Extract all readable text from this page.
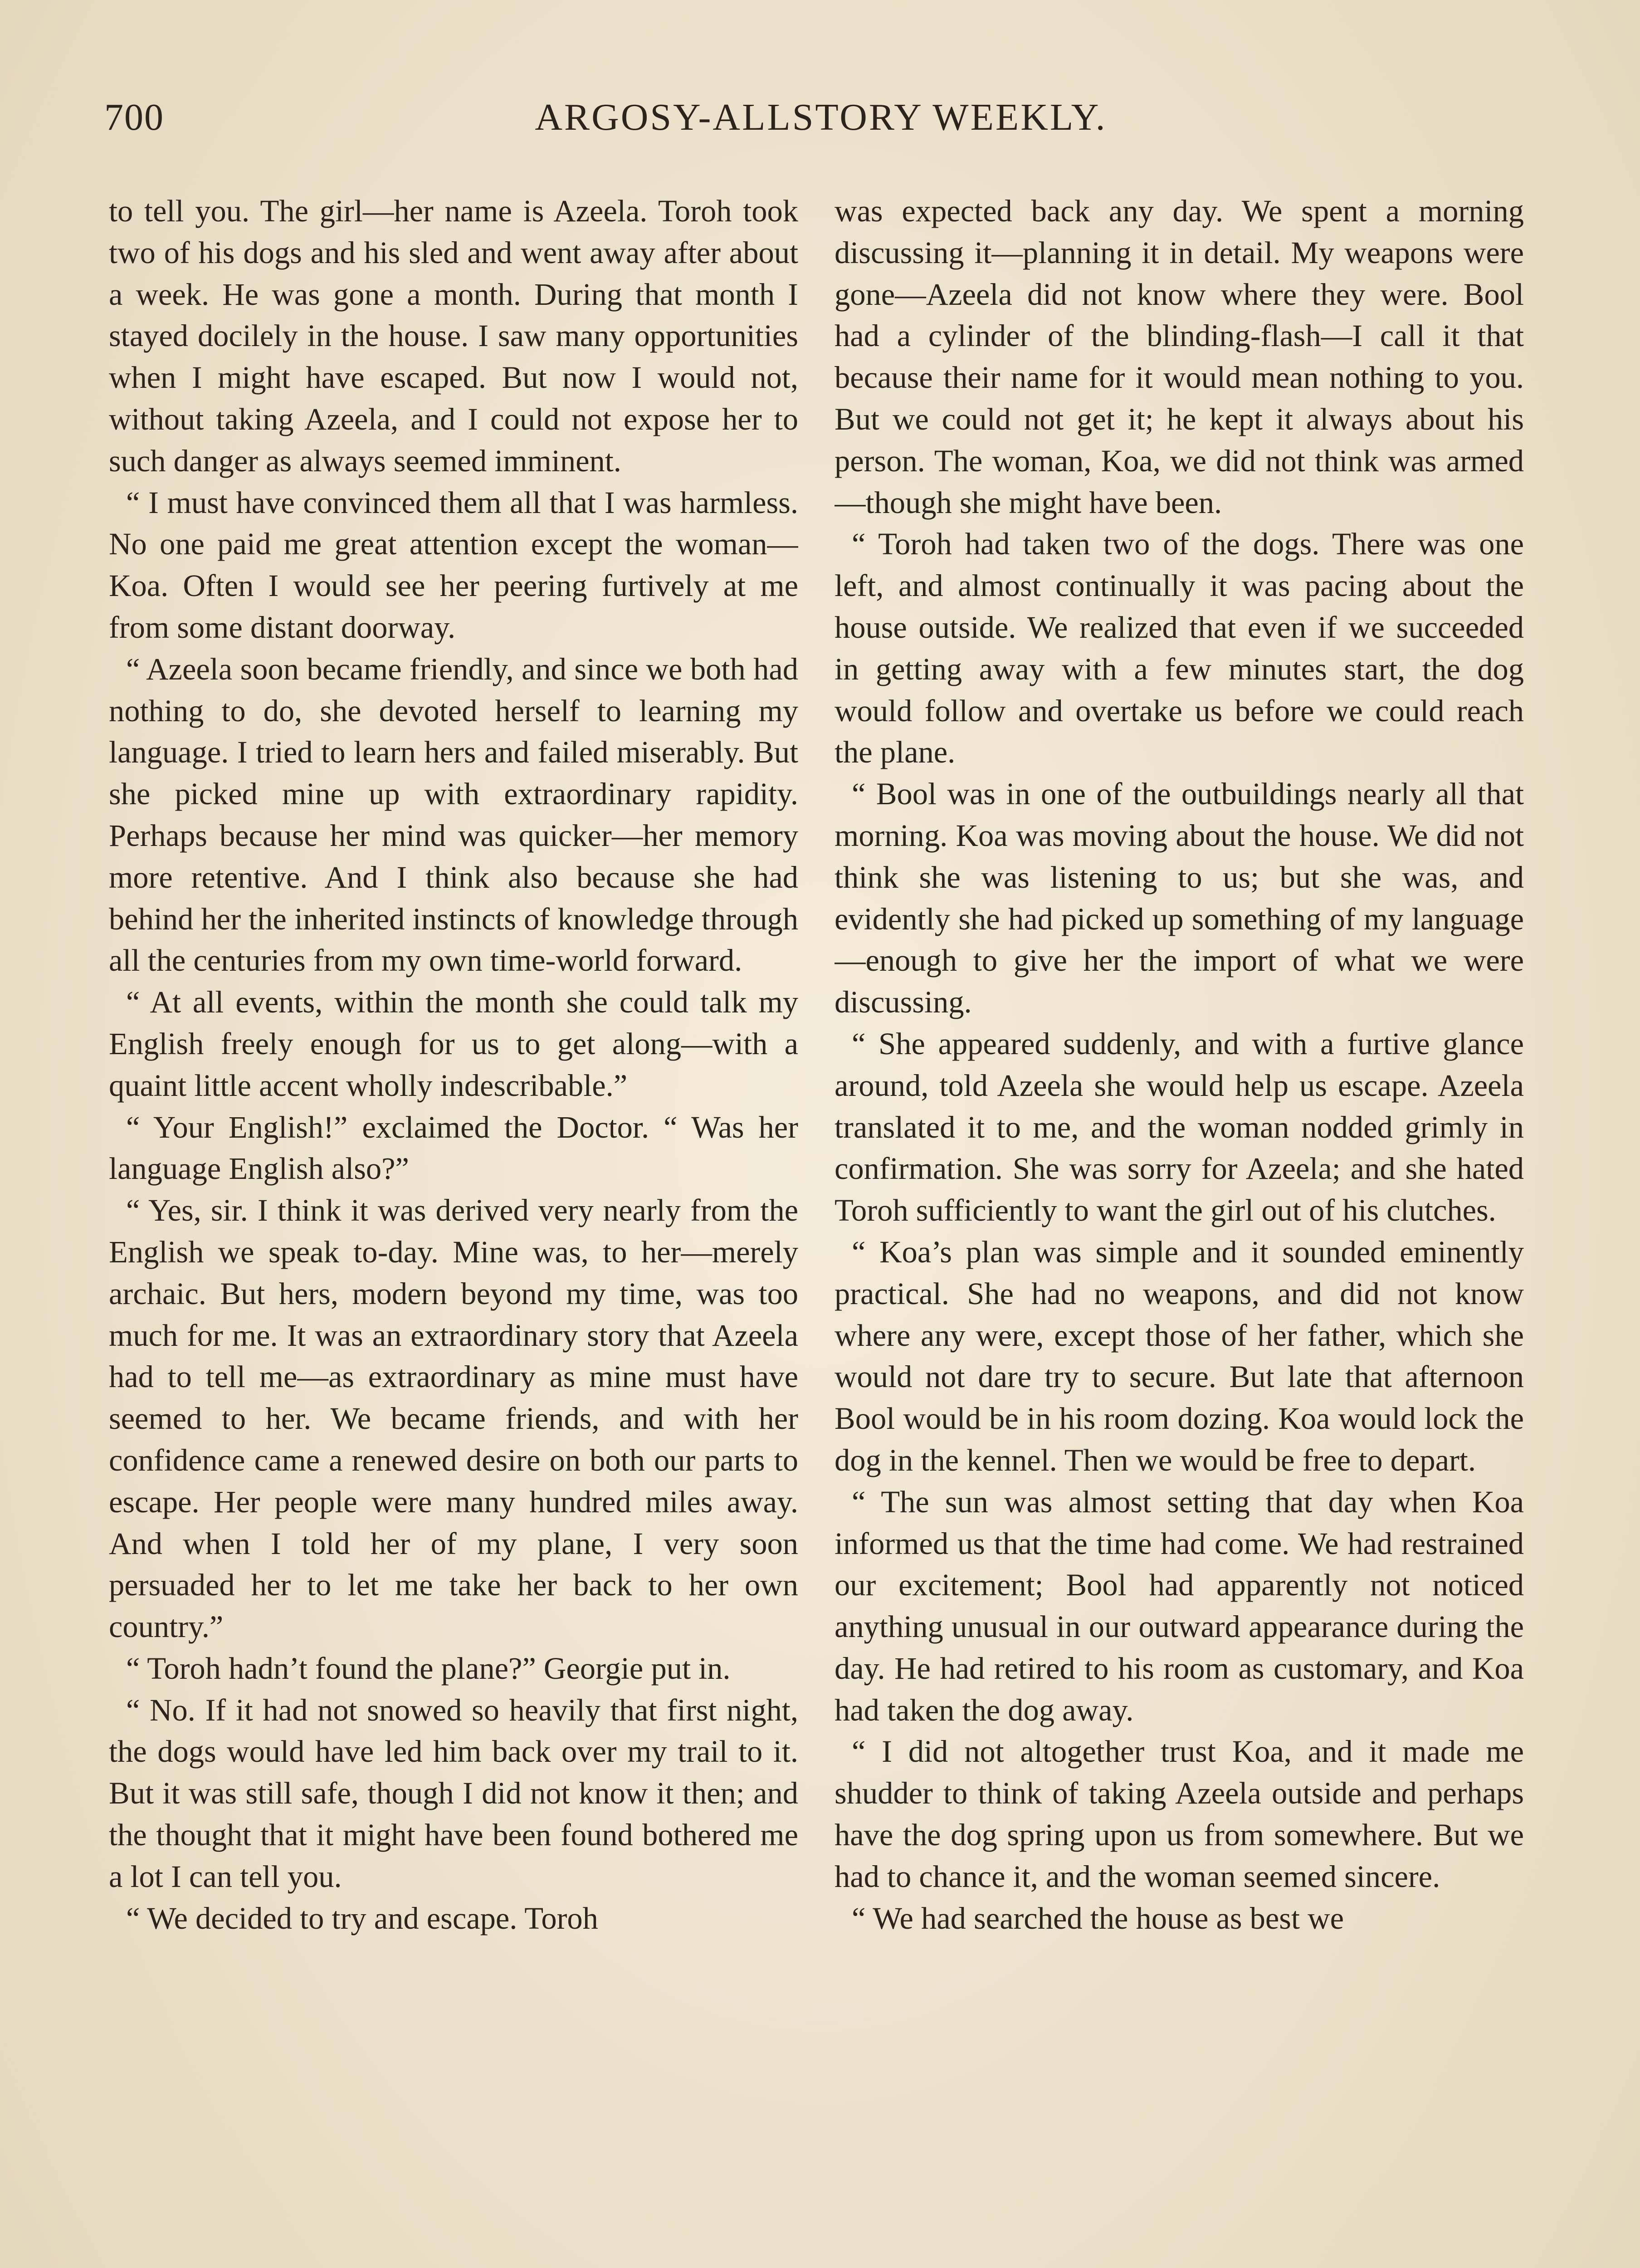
700	ARGOSY-ALLSTORY WEEKLY.

to tell you. The girl—her name is Azeela. Toroh took two of his dogs and his sled and went away after about a week. He was gone a month. During that month I stayed docilely in the house. I saw many opportunities when I might have escaped. But now I would not, without taking Azeela, and I could not expose her to such danger as always seemed imminent.

“ I must have convinced them all that I was harmless. No one paid me great attention except the woman—Koa. Often I would see her peering furtively at me from some distant doorway.

“ Azeela soon became friendly, and since we both had nothing to do, she devoted herself to learning my language. I tried to learn hers and failed miserably. But she picked mine up with extraordinary rapidity. Perhaps because her mind was quicker—her memory more retentive. And I think also because she had behind her the inherited instincts of knowledge through all the centuries from my own time-world forward.

“ At all events, within the month she could talk my English freely enough for us to get along—with a quaint little accent wholly indescribable.”

“ Your English!” exclaimed the Doctor. “ Was her language English also?”

“ Yes, sir. I think it was derived very nearly from the English we speak to-day. Mine was, to her—merely archaic. But hers, modern beyond my time, was too much for me. It was an extraordinary story that Azeela had to tell me—as extraordinary as mine must have seemed to her. We became friends, and with her confidence came a renewed desire on both our parts to escape. Her people were many hundred miles away. And when I told her of my plane, I very soon persuaded her to let me take her back to her own country.”

“ Toroh hadn’t found the plane?” Georgie put in.

“ No. If it had not snowed so heavily that first night, the dogs would have led him back over my trail to it. But it was still safe, though I did not know it then; and the thought that it might have been found bothered me a lot I can tell you.

“ We decided to try and escape. Toroh

was expected back any day. We spent a morning discussing it—planning it in detail. My weapons were gone—Azeela did not know where they were. Bool had a cylinder of the blinding-flash—I call it that because their name for it would mean nothing to you. But we could not get it; he kept it always about his person. The woman, Koa, we did not think was armed—though she might have been.

“ Toroh had taken two of the dogs. There was one left, and almost continually it was pacing about the house outside. We realized that even if we succeeded in getting away with a few minutes start, the dog would follow and overtake us before we could reach the plane.

“ Bool was in one of the outbuildings nearly all that morning. Koa was moving about the house. We did not think she was listening to us; but she was, and evidently she had picked up something of my language —enough to give her the import of what we were discussing.

“ She appeared suddenly, and with a furtive glance around, told Azeela she would help us escape. Azeela translated it to me, and the woman nodded grimly in confirmation. She was sorry for Azeela; and she hated Toroh sufficiently to want the girl out of his clutches.

“ Koa’s plan was simple and it sounded eminently practical. She had no weapons, and did not know where any were, except those of her father, which she would not dare try to secure. But late that afternoon Bool would be in his room dozing. Koa would lock the dog in the kennel. Then we would be free to depart.

“ The sun was almost setting that day when Koa informed us that the time had come. We had restrained our excitement; Bool had apparently not noticed anything unusual in our outward appearance during the day. He had retired to his room as customary, and Koa had taken the dog away.

“ I did not altogether trust Koa, and it made me shudder to think of taking Azeela outside and perhaps have the dog spring upon us from somewhere. But we had to chance it, and the woman seemed sincere.

“ We had searched the house as best we
